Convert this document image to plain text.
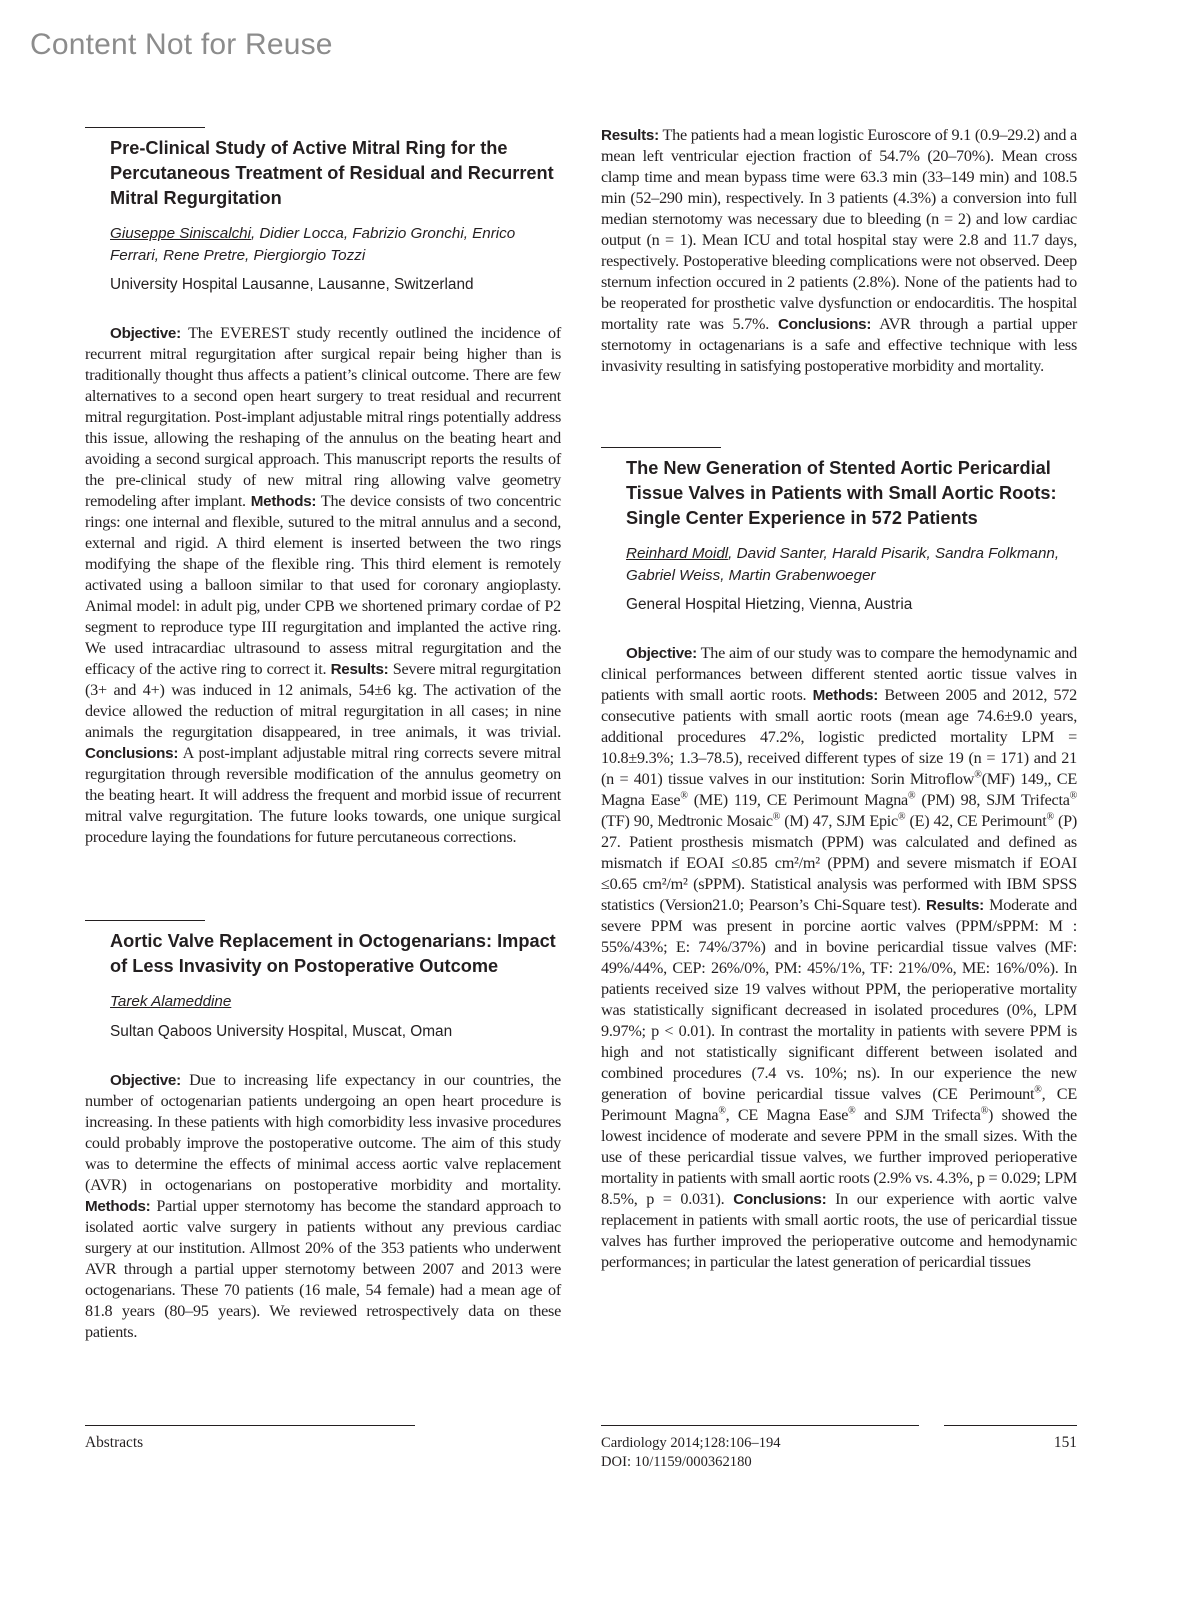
Content Not for Reuse
Pre-Clinical Study of Active Mitral Ring for the Percutaneous Treatment of Residual and Recurrent Mitral Regurgitation

Giuseppe Siniscalchi, Didier Locca, Fabrizio Gronchi, Enrico Ferrari, Rene Pretre, Piergiorgio Tozzi

University Hospital Lausanne, Lausanne, Switzerland

Objective: The EVEREST study recently outlined the incidence of recurrent mitral regurgitation after surgical repair being higher than is traditionally thought thus affects a patient’s clinical outcome. There are few alternatives to a second open heart surgery to treat residual and recurrent mitral regurgitation. Post-implant adjustable mitral rings potentially address this issue, allowing the reshaping of the annulus on the beating heart and avoiding a second surgical approach. This manuscript reports the results of the pre-clinical study of new mitral ring allowing valve geometry remodeling after implant. Methods: The device consists of two concentric rings: one internal and flexible, sutured to the mitral annulus and a second, external and rigid. A third element is inserted between the two rings modifying the shape of the flexible ring. This third element is remotely activated using a balloon similar to that used for coronary angioplasty. Animal model: in adult pig, under CPB we shortened primary cordae of P2 segment to reproduce type III regurgitation and implanted the active ring. We used intracardiac ultrasound to assess mitral regurgitation and the efficacy of the active ring to correct it. Results: Severe mitral regurgitation (3+ and 4+) was induced in 12 animals, 54±6 kg. The activation of the device allowed the reduction of mitral regurgitation in all cases; in nine animals the regurgitation disappeared, in tree animals, it was trivial. Conclusions: A post-implant adjustable mitral ring corrects severe mitral regurgitation through reversible modification of the annulus geometry on the beating heart. It will address the frequent and morbid issue of recurrent mitral valve regurgitation. The future looks towards, one unique surgical procedure laying the foundations for future percutaneous corrections.

Aortic Valve Replacement in Octogenarians: Impact of Less Invasivity on Postoperative Outcome

Tarek Alameddine

Sultan Qaboos University Hospital, Muscat, Oman

Objective: Due to increasing life expectancy in our countries, the number of octogenarian patients undergoing an open heart procedure is increasing. In these patients with high comorbidity less invasive procedures could probably improve the postoperative outcome. The aim of this study was to determine the effects of minimal access aortic valve replacement (AVR) in octogenarians on postoperative morbidity and mortality. Methods: Partial upper sternotomy has become the standard approach to isolated aortic valve surgery in patients without any previous cardiac surgery at our institution. Allmost 20% of the 353 patients who underwent AVR through a partial upper sternotomy between 2007 and 2013 were octogenarians. These 70 patients (16 male, 54 female) had a mean age of 81.8 years (80–95 years). We reviewed retrospectively data on these patients.

Results: The patients had a mean logistic Euroscore of 9.1 (0.9–29.2) and a mean left ventricular ejection fraction of 54.7% (20–70%). Mean cross clamp time and mean bypass time were 63.3 min (33–149 min) and 108.5 min (52–290 min), respectively. In 3 patients (4.3%) a conversion into full median sternotomy was necessary due to bleeding (n = 2) and low cardiac output (n = 1). Mean ICU and total hospital stay were 2.8 and 11.7 days, respectively. Postoperative bleeding complications were not observed. Deep sternum infection occured in 2 patients (2.8%). None of the patients had to be reoperated for prosthetic valve dysfunction or endocarditis. The hospital mortality rate was 5.7%. Conclusions: AVR through a partial upper sternotomy in octagenarians is a safe and effective technique with less invasivity resulting in satisfying postoperative morbidity and mortality.

The New Generation of Stented Aortic Pericardial Tissue Valves in Patients with Small Aortic Roots: Single Center Experience in 572 Patients

Reinhard Moidl, David Santer, Harald Pisarik, Sandra Folkmann, Gabriel Weiss, Martin Grabenwoeger

General Hospital Hietzing, Vienna, Austria

Objective: The aim of our study was to compare the hemodynamic and clinical performances between different stented aortic tissue valves in patients with small aortic roots. Methods: Between 2005 and 2012, 572 consecutive patients with small aortic roots (mean age 74.6±9.0 years, additional procedures 47.2%, logistic predicted mortality LPM = 10.8±9.3%; 1.3–78.5), received different types of size 19 (n = 171) and 21 (n = 401) tissue valves in our institution: Sorin Mitroflow®(MF) 149,, CE Magna Ease® (ME) 119, CE Perimount Magna® (PM) 98, SJM Trifecta® (TF) 90, Medtronic Mosaic® (M) 47, SJM Epic® (E) 42, CE Perimount® (P) 27. Patient prosthesis mismatch (PPM) was calculated and defined as mismatch if EOAI ≤0.85 cm²/m² (PPM) and severe mismatch if EOAI ≤0.65 cm²/m² (sPPM). Statistical analysis was performed with IBM SPSS statistics (Version21.0; Pearson’s Chi-Square test). Results: Moderate and severe PPM was present in porcine aortic valves (PPM/sPPM: M : 55%/43%; E: 74%/37%) and in bovine pericardial tissue valves (MF: 49%/44%, CEP: 26%/0%, PM: 45%/1%, TF: 21%/0%, ME: 16%/0%). In patients received size 19 valves without PPM, the perioperative mortality was statistically significant decreased in isolated procedures (0%, LPM 9.97%; p < 0.01). In contrast the mortality in patients with severe PPM is high and not statistically significant different between isolated and combined procedures (7.4 vs. 10%; ns). In our experience the new generation of bovine pericardial tissue valves (CE Perimount®, CE Perimount Magna®, CE Magna Ease® and SJM Trifecta®) showed the lowest incidence of moderate and severe PPM in the small sizes. With the use of these pericardial tissue valves, we further improved perioperative mortality in patients with small aortic roots (2.9% vs. 4.3%, p = 0.029; LPM 8.5%, p = 0.031). Conclusions: In our experience with aortic valve replacement in patients with small aortic roots, the use of pericardial tissue valves has further improved the perioperative outcome and hemodynamic performances; in particular the latest generation of pericardial tissues

Abstracts	Cardiology 2014;128:106–194
DOI: 10/1159/000362180
151
